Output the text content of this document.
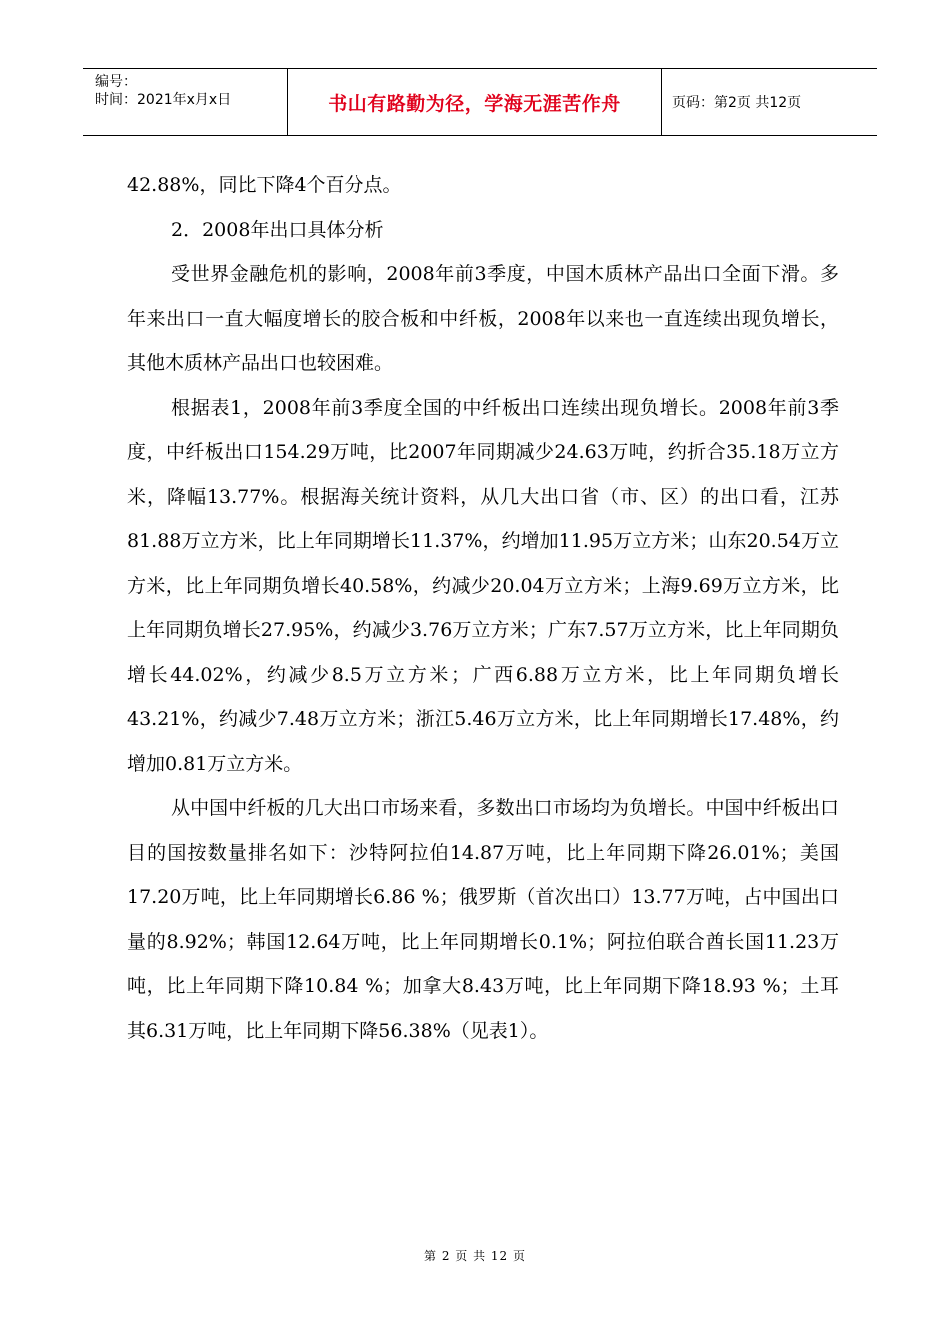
编号：
时间：2021年x月x日	书山有路勤为径，学海无涯苦作舟	页码：第2页 共12页

42.88%，同比下降4个百分点。

2．2008年出口具体分析

受世界金融危机的影响，2008年前3季度，中国木质林产品出口全面下滑。多年来出口一直大幅度增长的胶合板和中纤板，2008年以来也一直连续出现负增长，其他木质林产品出口也较困难。

根据表1，2008年前3季度全国的中纤板出口连续出现负增长。2008年前3季度，中纤板出口154.29万吨，比2007年同期减少24.63万吨，约折合35.18万立方米，降幅13.77%。根据海关统计资料，从几大出口省（市、区）的出口看，江苏81.88万立方米，比上年同期增长11.37%，约增加11.95万立方米；山东20.54万立方米，比上年同期负增长40.58%，约减少20.04万立方米；上海9.69万立方米，比上年同期负增长27.95%，约减少3.76万立方米；广东7.57万立方米，比上年同期负增长44.02%，约减少8.5万立方米；广西6.88万立方米，比上年同期负增长43.21%，约减少7.48万立方米；浙江5.46万立方米，比上年同期增长17.48%，约增加0.81万立方米。

从中国中纤板的几大出口市场来看，多数出口市场均为负增长。中国中纤板出口目的国按数量排名如下：沙特阿拉伯14.87万吨，比上年同期下降26.01%；美国17.20万吨，比上年同期增长6.86 %；俄罗斯（首次出口）13.77万吨，占中国出口量的8.92%；韩国12.64万吨，比上年同期增长0.1%；阿拉伯联合酋长国11.23万吨，比上年同期下降10.84 %；加拿大8.43万吨，比上年同期下降18.93 %；土耳其6.31万吨，比上年同期下降56.38%（见表1）。

第 2 页 共 12 页
